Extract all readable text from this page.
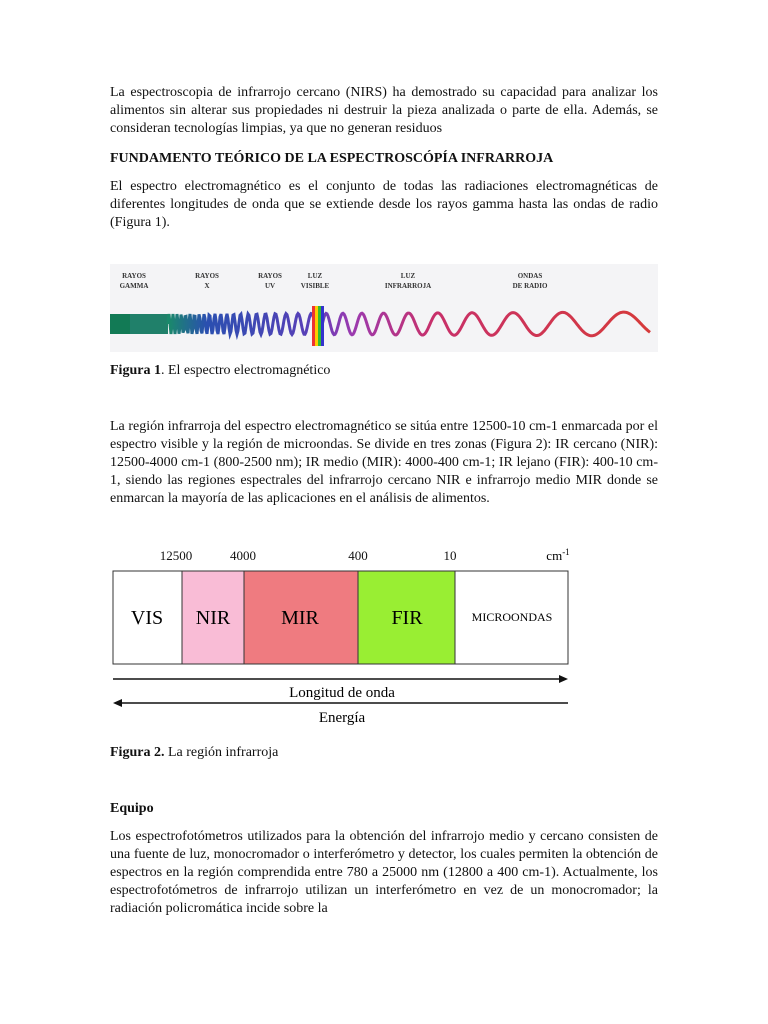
La espectroscopia de infrarrojo cercano (NIRS) ha demostrado su capacidad para analizar los alimentos sin alterar sus propiedades ni destruir la pieza analizada o parte de ella. Además, se consideran tecnologías limpias, ya que no generan residuos

FUNDAMENTO TEÓRICO DE LA ESPECTROSCÓPÍA INFRARROJA

El espectro electromagnético es el conjunto de todas las radiaciones electromagnéticas de diferentes longitudes de onda que se extiende desde los rayos gamma hasta las ondas de radio (Figura 1).

RAYOS
GAMMA
RAYOS
X
RAYOS
UV
LUZ
VISIBLE
LUZ
INFRARROJA
ONDAS
DE RADIO

Figura 1. El espectro electromagnético

La región infrarroja del espectro electromagnético se sitúa entre 12500-10 cm-1 enmarcada por el espectro visible y la región de microondas. Se divide en tres zonas (Figura 2): IR cercano (NIR): 12500-4000 cm-1 (800-2500 nm); IR medio (MIR): 4000-400 cm-1; IR lejano (FIR): 400-10 cm-1, siendo las regiones espectrales del infrarrojo cercano NIR e infrarrojo medio MIR donde se enmarcan la mayoría de las aplicaciones en el análisis de alimentos.

12500	4000	400	10	$cm^{-1}$
VIS NIR	MIR	FIR	MICROONDAS
Longitud de onda
Energía

Figura 2. La región infrarroja

Equipo

Los espectrofotómetros utilizados para la obtención del infrarrojo medio y cercano consisten de una fuente de luz, monocromador o interferómetro y detector, los cuales permiten la obtención de espectros en la región comprendida entre 780 a 25000 nm (12800 a 400 cm-1). Actualmente, los espectrofotómetros de infrarrojo utilizan un interferómetro en vez de un monocromador; la radiación policromática incide sobre la
